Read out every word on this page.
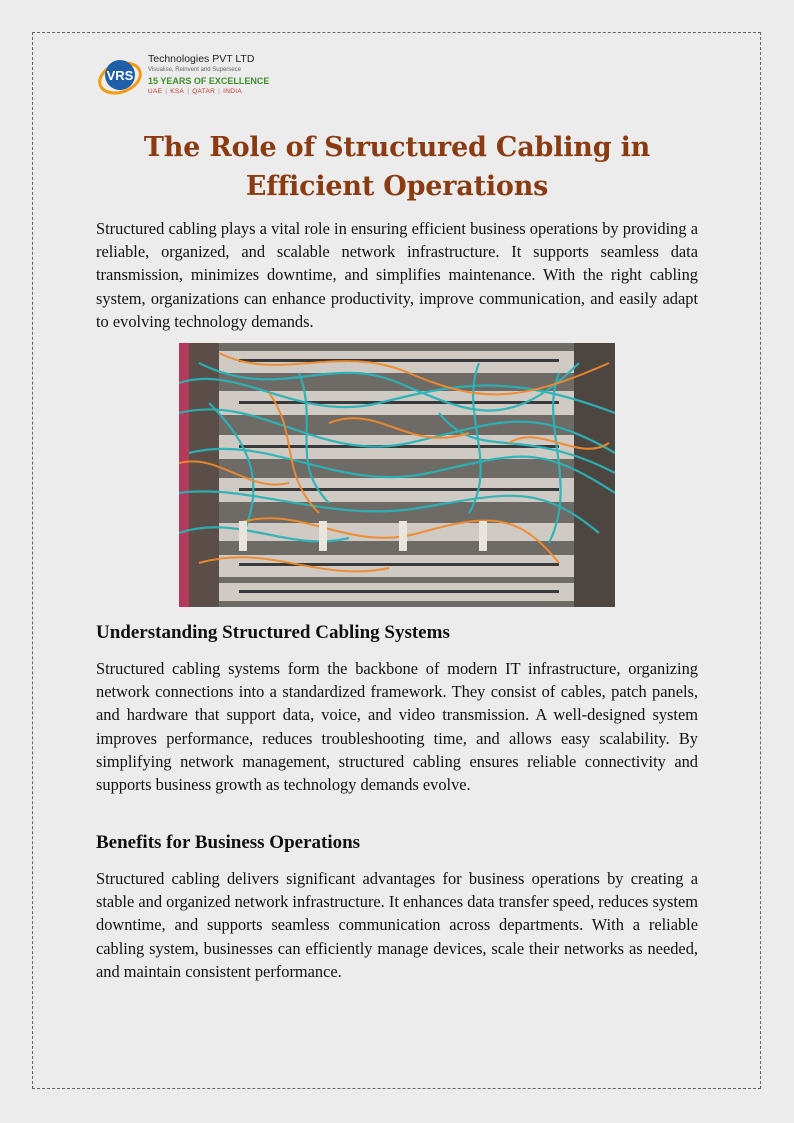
VRS
Technologies PVT LTD
Visualise, Reinvent and Supersece
15 YEARS OF EXCELLENCE
UAE | KSA | QATAR | INDIA
The Role of Structured Cabling in Efficient Operations

Structured cabling plays a vital role in ensuring efficient business operations by providing a reliable, organized, and scalable network infrastructure. It supports seamless data transmission, minimizes downtime, and simplifies maintenance. With the right cabling system, organizations can enhance productivity, improve communication, and easily adapt to evolving technology demands.

Understanding Structured Cabling Systems

Structured cabling systems form the backbone of modern IT infrastructure, organizing network connections into a standardized framework. They consist of cables, patch panels, and hardware that support data, voice, and video transmission. A well-designed system improves performance, reduces troubleshooting time, and allows easy scalability. By simplifying network management, structured cabling ensures reliable connectivity and supports business growth as technology demands evolve.

Benefits for Business Operations

Structured cabling delivers significant advantages for business operations by creating a stable and organized network infrastructure. It enhances data transfer speed, reduces system downtime, and supports seamless communication across departments. With a reliable cabling system, businesses can efficiently manage devices, scale their networks as needed, and maintain consistent performance.
